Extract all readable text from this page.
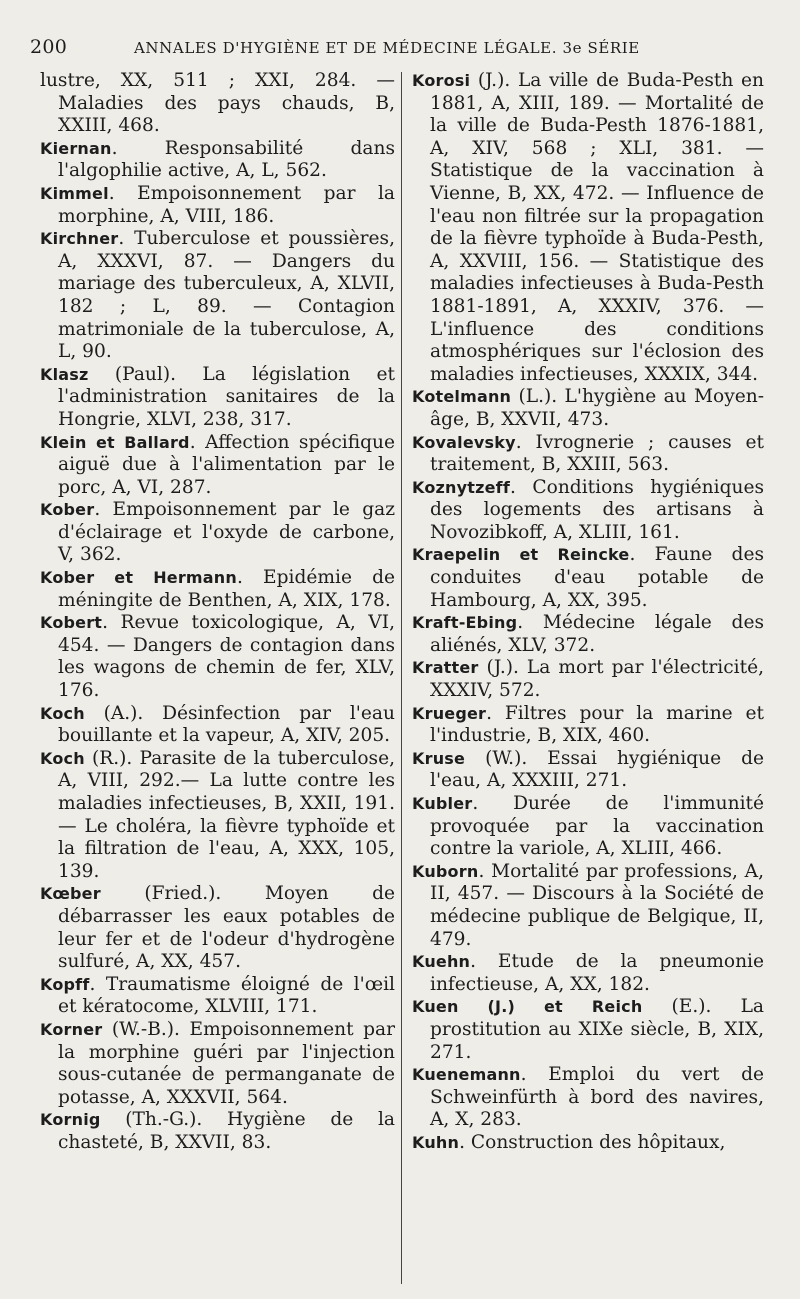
200	ANNALES D'HYGIÈNE ET DE MÉDECINE LÉGALE. 3e SÉRIE

lustre, XX, 511 ; XXI, 284. — Maladies des pays chauds, B, XXIII, 468.

Kiernan. Responsabilité dans l'algophilie active, A, L, 562.

Kimmel. Empoisonnement par la morphine, A, VIII, 186.

Kirchner. Tuberculose et poussières, A, XXXVI, 87. — Dangers du mariage des tuberculeux, A, XLVII, 182 ; L, 89. — Contagion matrimoniale de la tuberculose, A, L, 90.

Klasz (Paul). La législation et l'administration sanitaires de la Hongrie, XLVI, 238, 317.

Klein et Ballard. Affection spécifique aiguë due à l'alimentation par le porc, A, VI, 287.

Kober. Empoisonnement par le gaz d'éclairage et l'oxyde de carbone, V, 362.

Kober et Hermann. Epidémie de méningite de Benthen, A, XIX, 178.

Kobert. Revue toxicologique, A, VI, 454. — Dangers de contagion dans les wagons de chemin de fer, XLV, 176.

Koch (A.). Désinfection par l'eau bouillante et la vapeur, A, XIV, 205.

Koch (R.). Parasite de la tuberculose, A, VIII, 292.— La lutte contre les maladies infectieuses, B, XXII, 191. — Le choléra, la fièvre typhoïde et la filtration de l'eau, A, XXX, 105, 139.

Kœber (Fried.). Moyen de débarrasser les eaux potables de leur fer et de l'odeur d'hydrogène sulfuré, A, XX, 457.

Kopff. Traumatisme éloigné de l'œil et kératocome, XLVIII, 171.

Korner (W.-B.). Empoisonnement par la morphine guéri par l'injection sous-cutanée de permanganate de potasse, A, XXXVII, 564.

Kornig (Th.-G.). Hygiène de la chasteté, B, XXVII, 83.

Korosi (J.). La ville de Buda-Pesth en 1881, A, XIII, 189. — Mortalité de la ville de Buda-Pesth 1876-1881, A, XIV, 568 ; XLI, 381. — Statistique de la vaccination à Vienne, B, XX, 472. — Influence de l'eau non filtrée sur la propagation de la fièvre typhoïde à Buda-Pesth, A, XXVIII, 156. — Statistique des maladies infectieuses à Buda-Pesth 1881-1891, A, XXXIV, 376. — L'influence des conditions atmosphériques sur l'éclosion des maladies infectieuses, XXXIX, 344.

Kotelmann (L.). L'hygiène au Moyen-âge, B, XXVII, 473.

Kovalevsky. Ivrognerie ; causes et traitement, B, XXIII, 563.

Koznytzeff. Conditions hygiéniques des logements des artisans à Novozibkoff, A, XLIII, 161.

Kraepelin et Reincke. Faune des conduites d'eau potable de Hambourg, A, XX, 395.

Kraft-Ebing. Médecine légale des aliénés, XLV, 372.

Kratter (J.). La mort par l'électricité, XXXIV, 572.

Krueger. Filtres pour la marine et l'industrie, B, XIX, 460.

Kruse (W.). Essai hygiénique de l'eau, A, XXXIII, 271.

Kubler. Durée de l'immunité provoquée par la vaccination contre la variole, A, XLIII, 466.

Kuborn. Mortalité par professions, A, II, 457. — Discours à la Société de médecine publique de Belgique, II, 479.

Kuehn. Etude de la pneumonie infectieuse, A, XX, 182.

Kuen (J.) et Reich (E.). La prostitution au XIXe siècle, B, XIX, 271.

Kuenemann. Emploi du vert de Schweinfürth à bord des navires, A, X, 283.

Kuhn. Construction des hôpitaux,
